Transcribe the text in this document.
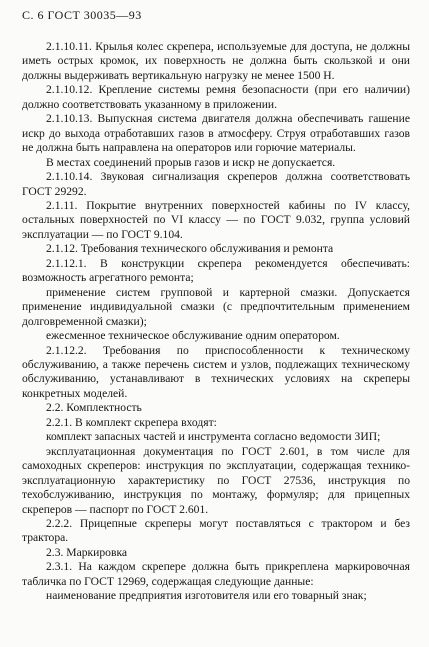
С. 6 ГОСТ 30035—93

2.1.10.11. Крылья колес скрепера, используемые для доступа, не должны иметь острых кромок, их поверхность не должна быть скользкой и они должны выдерживать вертикальную нагрузку не менее 1500 Н.

2.1.10.12. Крепление системы ремня безопасности (при его наличии) должно соответствовать указанному в приложении.

2.1.10.13. Выпускная система двигателя должна обеспечивать гашение искр до выхода отработавших газов в атмосферу. Струя отработавших газов не должна быть направлена на операторов или горючие материалы.

В местах соединений прорыв газов и искр не допускается.

2.1.10.14. Звуковая сигнализация скреперов должна соответствовать ГОСТ 29292.

2.1.11. Покрытие внутренних поверхностей кабины по IV классу, остальных поверхностей по VI классу — по ГОСТ 9.032, группа условий эксплуатации — по ГОСТ 9.104.

2.1.12. Требования технического обслуживания и ремонта

2.1.12.1. В конструкции скрепера рекомендуется обеспечивать: возможность агрегатного ремонта;

применение систем групповой и картерной смазки. Допускается применение индивидуальной смазки (с предпочтительным применением долговременной смазки);

ежесменное техническое обслуживание одним оператором.

2.1.12.2. Требования по приспособленности к техническому обслуживанию, а также перечень систем и узлов, подлежащих техническому обслуживанию, устанавливают в технических условиях на скреперы конкретных моделей.

2.2. Комплектность

2.2.1. В комплект скрепера входят:

комплект запасных частей и инструмента согласно ведомости ЗИП;

эксплуатационная документация по ГОСТ 2.601, в том числе для самоходных скреперов: инструкция по эксплуатации, содержащая технико-эксплуатационную характеристику по ГОСТ 27536, инструкция по техобслуживанию, инструкция по монтажу, формуляр; для прицепных скреперов — паспорт по ГОСТ 2.601.

2.2.2. Прицепные скреперы могут поставляться с трактором и без трактора.

2.3. Маркировка

2.3.1. На каждом скрепере должна быть прикреплена маркировочная табличка по ГОСТ 12969, содержащая следующие данные:

наименование предприятия изготовителя или его товарный знак;
